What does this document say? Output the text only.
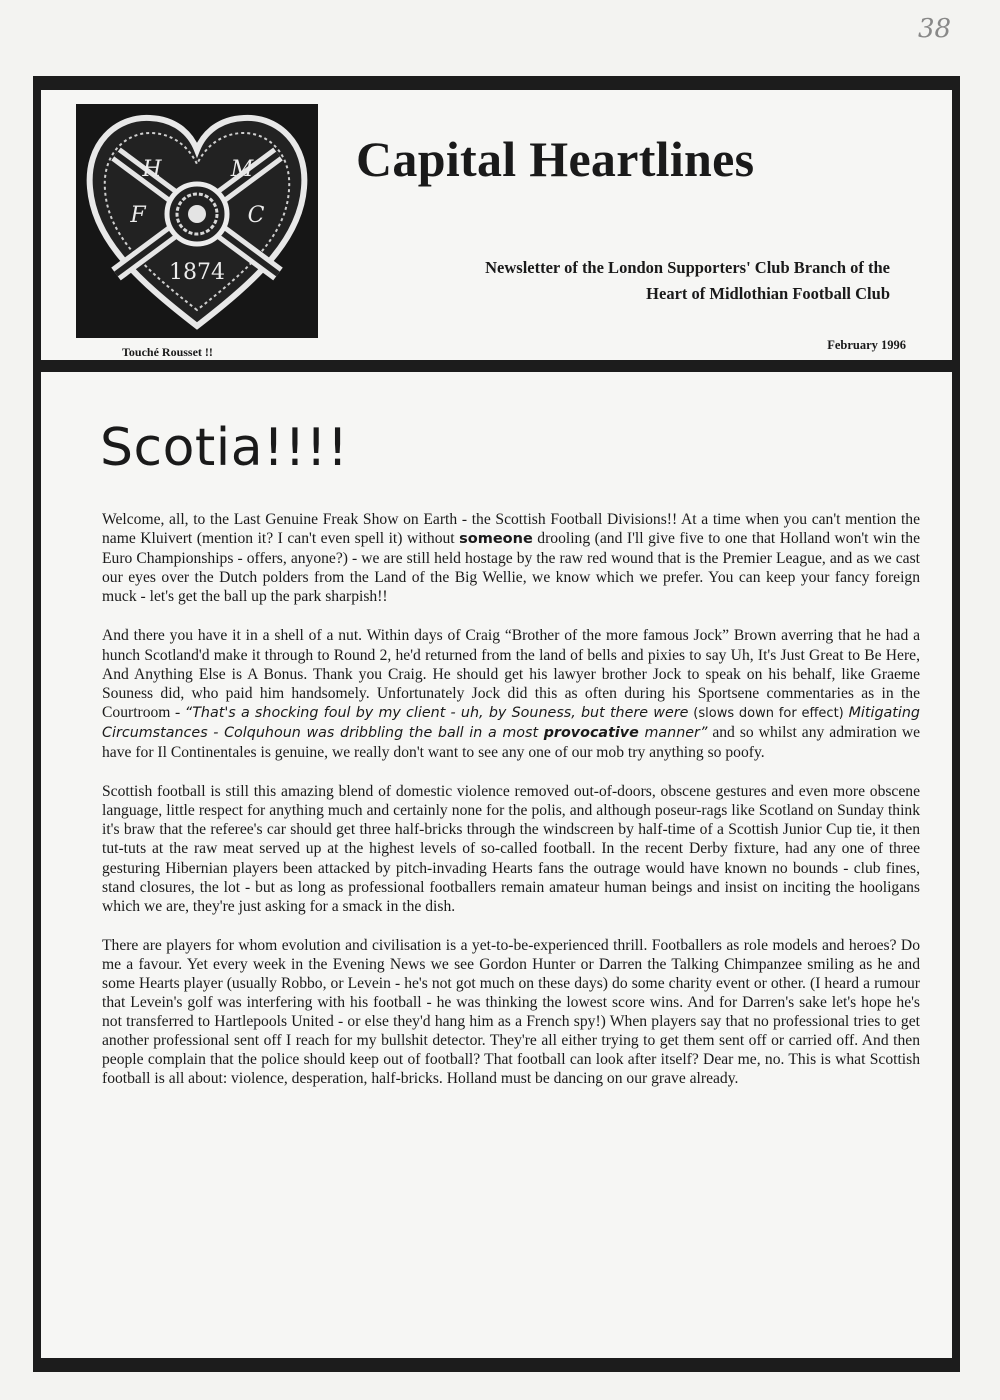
38
H	M
F	C
1874
Touché Rousset !!
Capital Heartlines
Newsletter of the London Supporters' Club Branch of the
Heart of Midlothian Football Club
February 1996
Scotia!!!!

Welcome, all, to the Last Genuine Freak Show on Earth - the Scottish Football Divisions!! At a time when you can't mention the name Kluivert (mention it? I can't even spell it) without someone drooling (and I'll give five to one that Holland won't win the Euro Championships - offers, anyone?) - we are still held hostage by the raw red wound that is the Premier League, and as we cast our eyes over the Dutch polders from the Land of the Big Wellie, we know which we prefer. You can keep your fancy foreign muck - let's get the ball up the park sharpish!!

And there you have it in a shell of a nut. Within days of Craig “Brother of the more famous Jock” Brown averring that he had a hunch Scotland'd make it through to Round 2, he'd returned from the land of bells and pixies to say Uh, It's Just Great to Be Here, And Anything Else is A Bonus. Thank you Craig. He should get his lawyer brother Jock to speak on his behalf, like Graeme Souness did, who paid him handsomely. Unfortunately Jock did this as often during his Sportsene commentaries as in the Courtroom - “That's a shocking foul by my client - uh, by Souness, but there were (slows down for effect) Mitigating Circumstances - Colquhoun was dribbling the ball in a most provocative manner” and so whilst any admiration we have for Il Continentales is genuine, we really don't want to see any one of our mob try anything so poofy.

Scottish football is still this amazing blend of domestic violence removed out-of-doors, obscene gestures and even more obscene language, little respect for anything much and certainly none for the polis, and although poseur-rags like Scotland on Sunday think it's braw that the referee's car should get three half-bricks through the windscreen by half-time of a Scottish Junior Cup tie, it then tut-tuts at the raw meat served up at the highest levels of so-called football. In the recent Derby fixture, had any one of three gesturing Hibernian players been attacked by pitch-invading Hearts fans the outrage would have known no bounds - club fines, stand closures, the lot - but as long as professional footballers remain amateur human beings and insist on inciting the hooligans which we are, they're just asking for a smack in the dish.

There are players for whom evolution and civilisation is a yet-to-be-experienced thrill. Footballers as role models and heroes? Do me a favour. Yet every week in the Evening News we see Gordon Hunter or Darren the Talking Chimpanzee smiling as he and some Hearts player (usually Robbo, or Levein - he's not got much on these days) do some charity event or other. (I heard a rumour that Levein's golf was interfering with his football - he was thinking the lowest score wins. And for Darren's sake let's hope he's not transferred to Hartlepools United - or else they'd hang him as a French spy!) When players say that no professional tries to get another professional sent off I reach for my bullshit detector. They're all either trying to get them sent off or carried off. And then people complain that the police should keep out of football? That football can look after itself? Dear me, no. This is what Scottish football is all about: violence, desperation, half-bricks. Holland must be dancing on our grave already.
